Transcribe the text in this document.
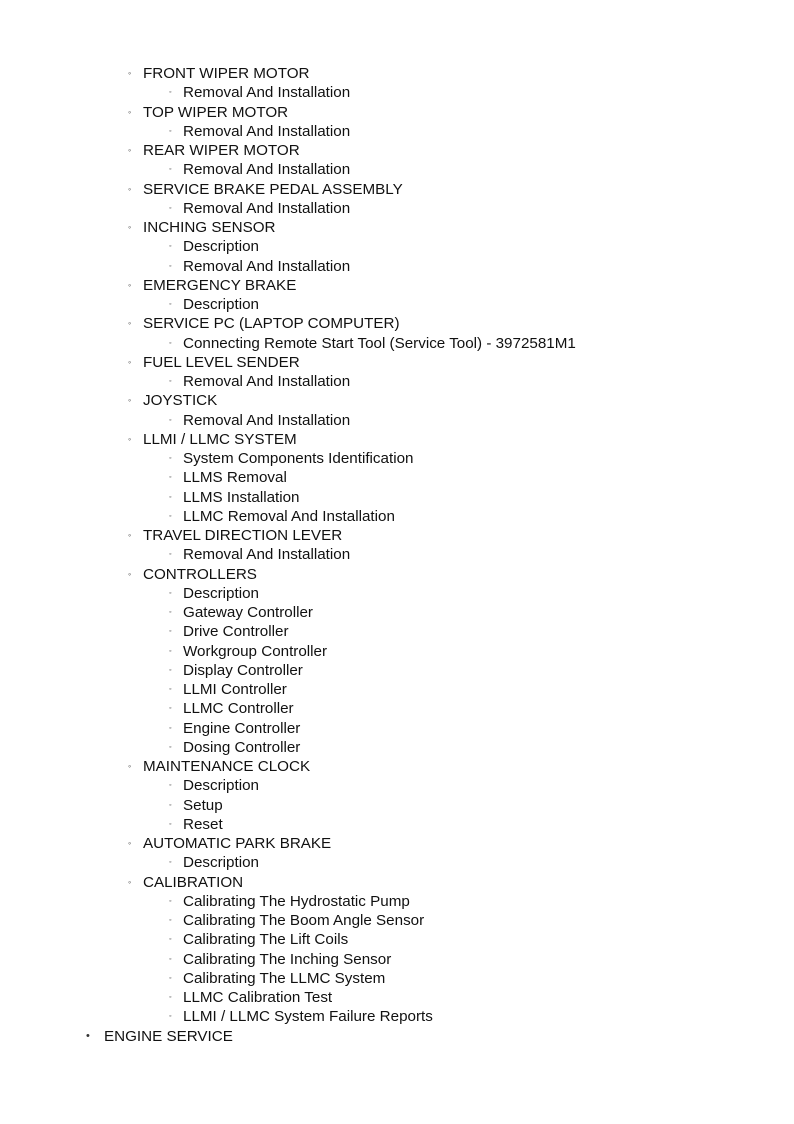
◦ FRONT WIPER MOTOR
◦ Removal And Installation
◦ TOP WIPER MOTOR
◦ Removal And Installation
◦ REAR WIPER MOTOR
◦ Removal And Installation
◦ SERVICE BRAKE PEDAL ASSEMBLY
◦ Removal And Installation
◦ INCHING SENSOR
◦ Description
◦ Removal And Installation
◦ EMERGENCY BRAKE
◦ Description
◦ SERVICE PC (LAPTOP COMPUTER)
◦ Connecting Remote Start Tool (Service Tool) - 3972581M1
◦ FUEL LEVEL SENDER
◦ Removal And Installation
◦ JOYSTICK
◦ Removal And Installation
◦ LLMI / LLMC SYSTEM
◦ System Components Identification
◦ LLMS Removal
◦ LLMS Installation
◦ LLMC Removal And Installation
◦ TRAVEL DIRECTION LEVER
◦ Removal And Installation
◦ CONTROLLERS
◦ Description
◦ Gateway Controller
◦ Drive Controller
◦ Workgroup Controller
◦ Display Controller
◦ LLMI Controller
◦ LLMC Controller
◦ Engine Controller
◦ Dosing Controller
◦ MAINTENANCE CLOCK
◦ Description
◦ Setup
◦ Reset
◦ AUTOMATIC PARK BRAKE
◦ Description
◦ CALIBRATION
◦ Calibrating The Hydrostatic Pump
◦ Calibrating The Boom Angle Sensor
◦ Calibrating The Lift Coils
◦ Calibrating The Inching Sensor
◦ Calibrating The LLMC System
◦ LLMC Calibration Test
◦ LLMI / LLMC System Failure Reports
• ENGINE SERVICE
